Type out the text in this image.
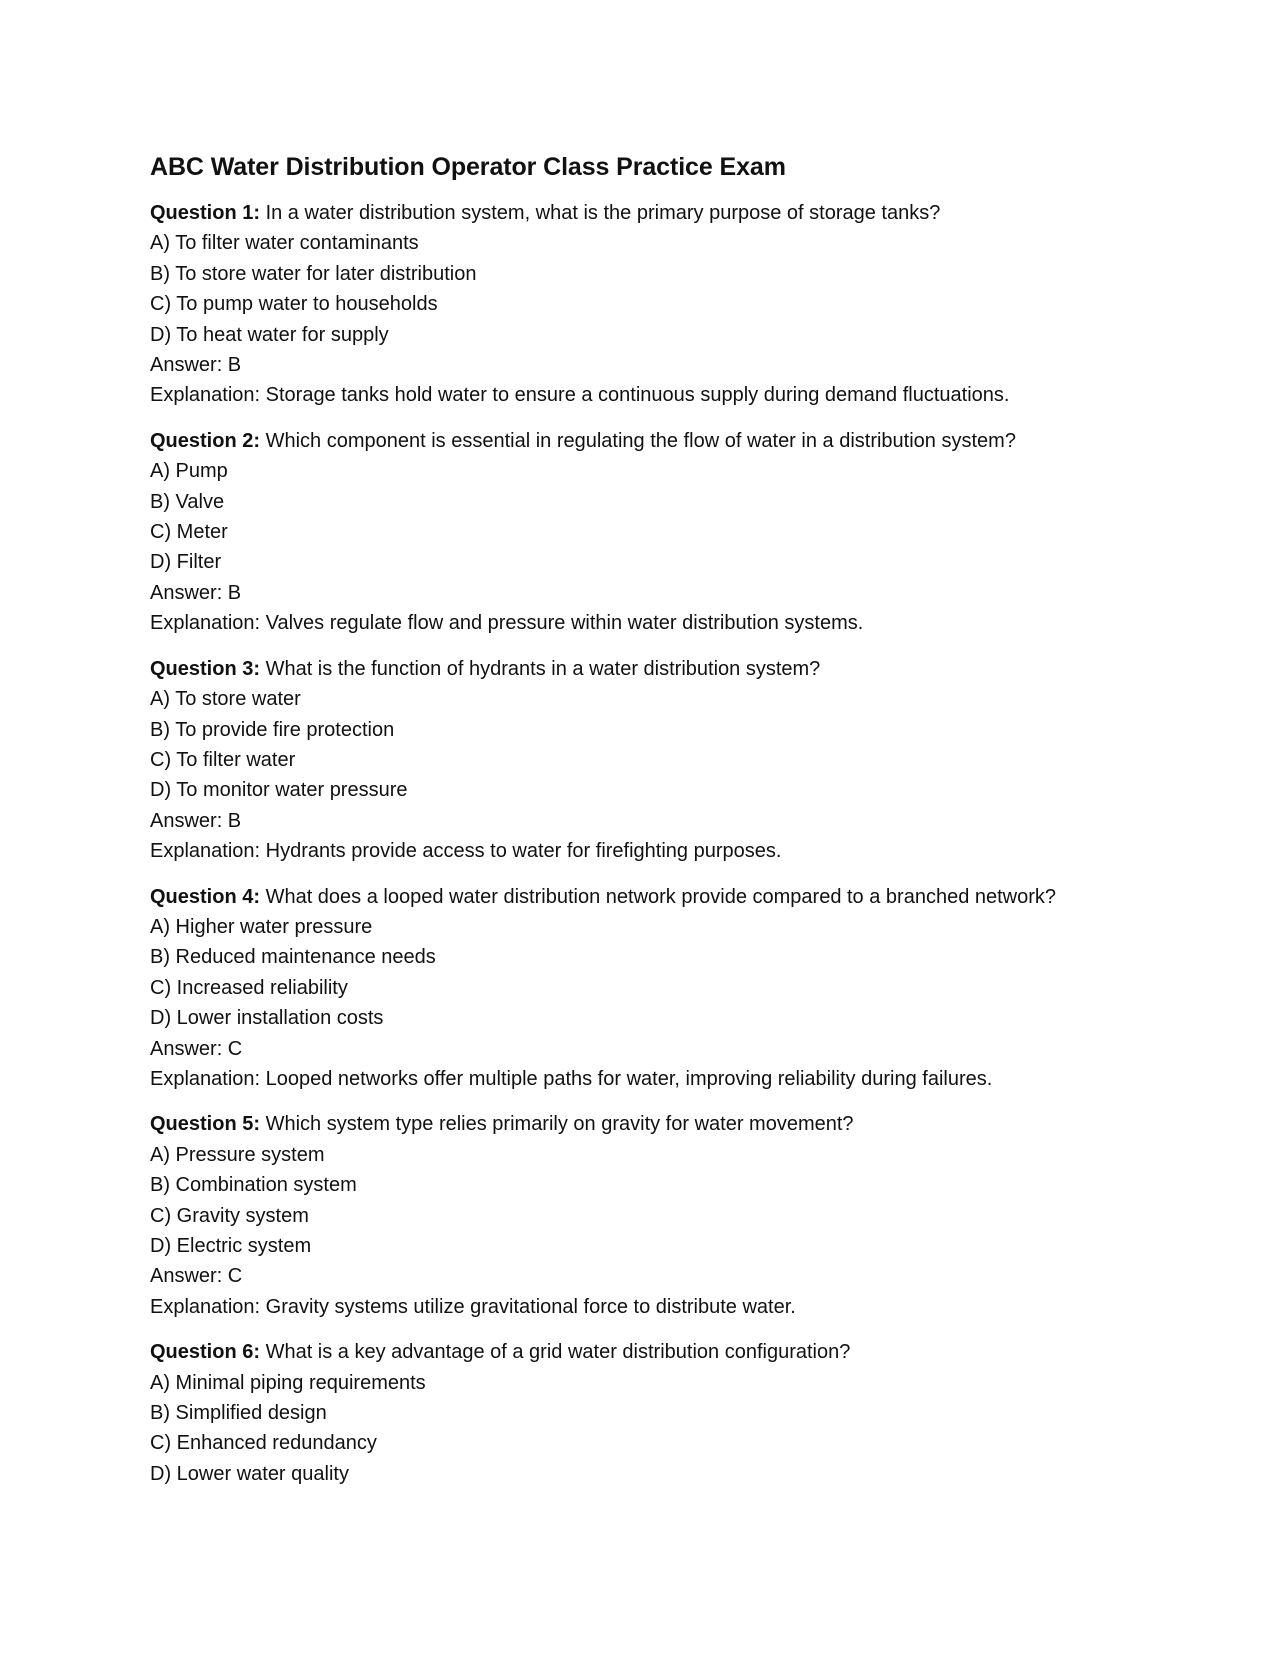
ABC Water Distribution Operator Class Practice Exam
Question 1: In a water distribution system, what is the primary purpose of storage tanks?
A) To filter water contaminants
B) To store water for later distribution
C) To pump water to households
D) To heat water for supply
Answer: B
Explanation: Storage tanks hold water to ensure a continuous supply during demand fluctuations.
Question 2: Which component is essential in regulating the flow of water in a distribution system?
A) Pump
B) Valve
C) Meter
D) Filter
Answer: B
Explanation: Valves regulate flow and pressure within water distribution systems.
Question 3: What is the function of hydrants in a water distribution system?
A) To store water
B) To provide fire protection
C) To filter water
D) To monitor water pressure
Answer: B
Explanation: Hydrants provide access to water for firefighting purposes.
Question 4: What does a looped water distribution network provide compared to a branched network?
A) Higher water pressure
B) Reduced maintenance needs
C) Increased reliability
D) Lower installation costs
Answer: C
Explanation: Looped networks offer multiple paths for water, improving reliability during failures.
Question 5: Which system type relies primarily on gravity for water movement?
A) Pressure system
B) Combination system
C) Gravity system
D) Electric system
Answer: C
Explanation: Gravity systems utilize gravitational force to distribute water.
Question 6: What is a key advantage of a grid water distribution configuration?
A) Minimal piping requirements
B) Simplified design
C) Enhanced redundancy
D) Lower water quality
